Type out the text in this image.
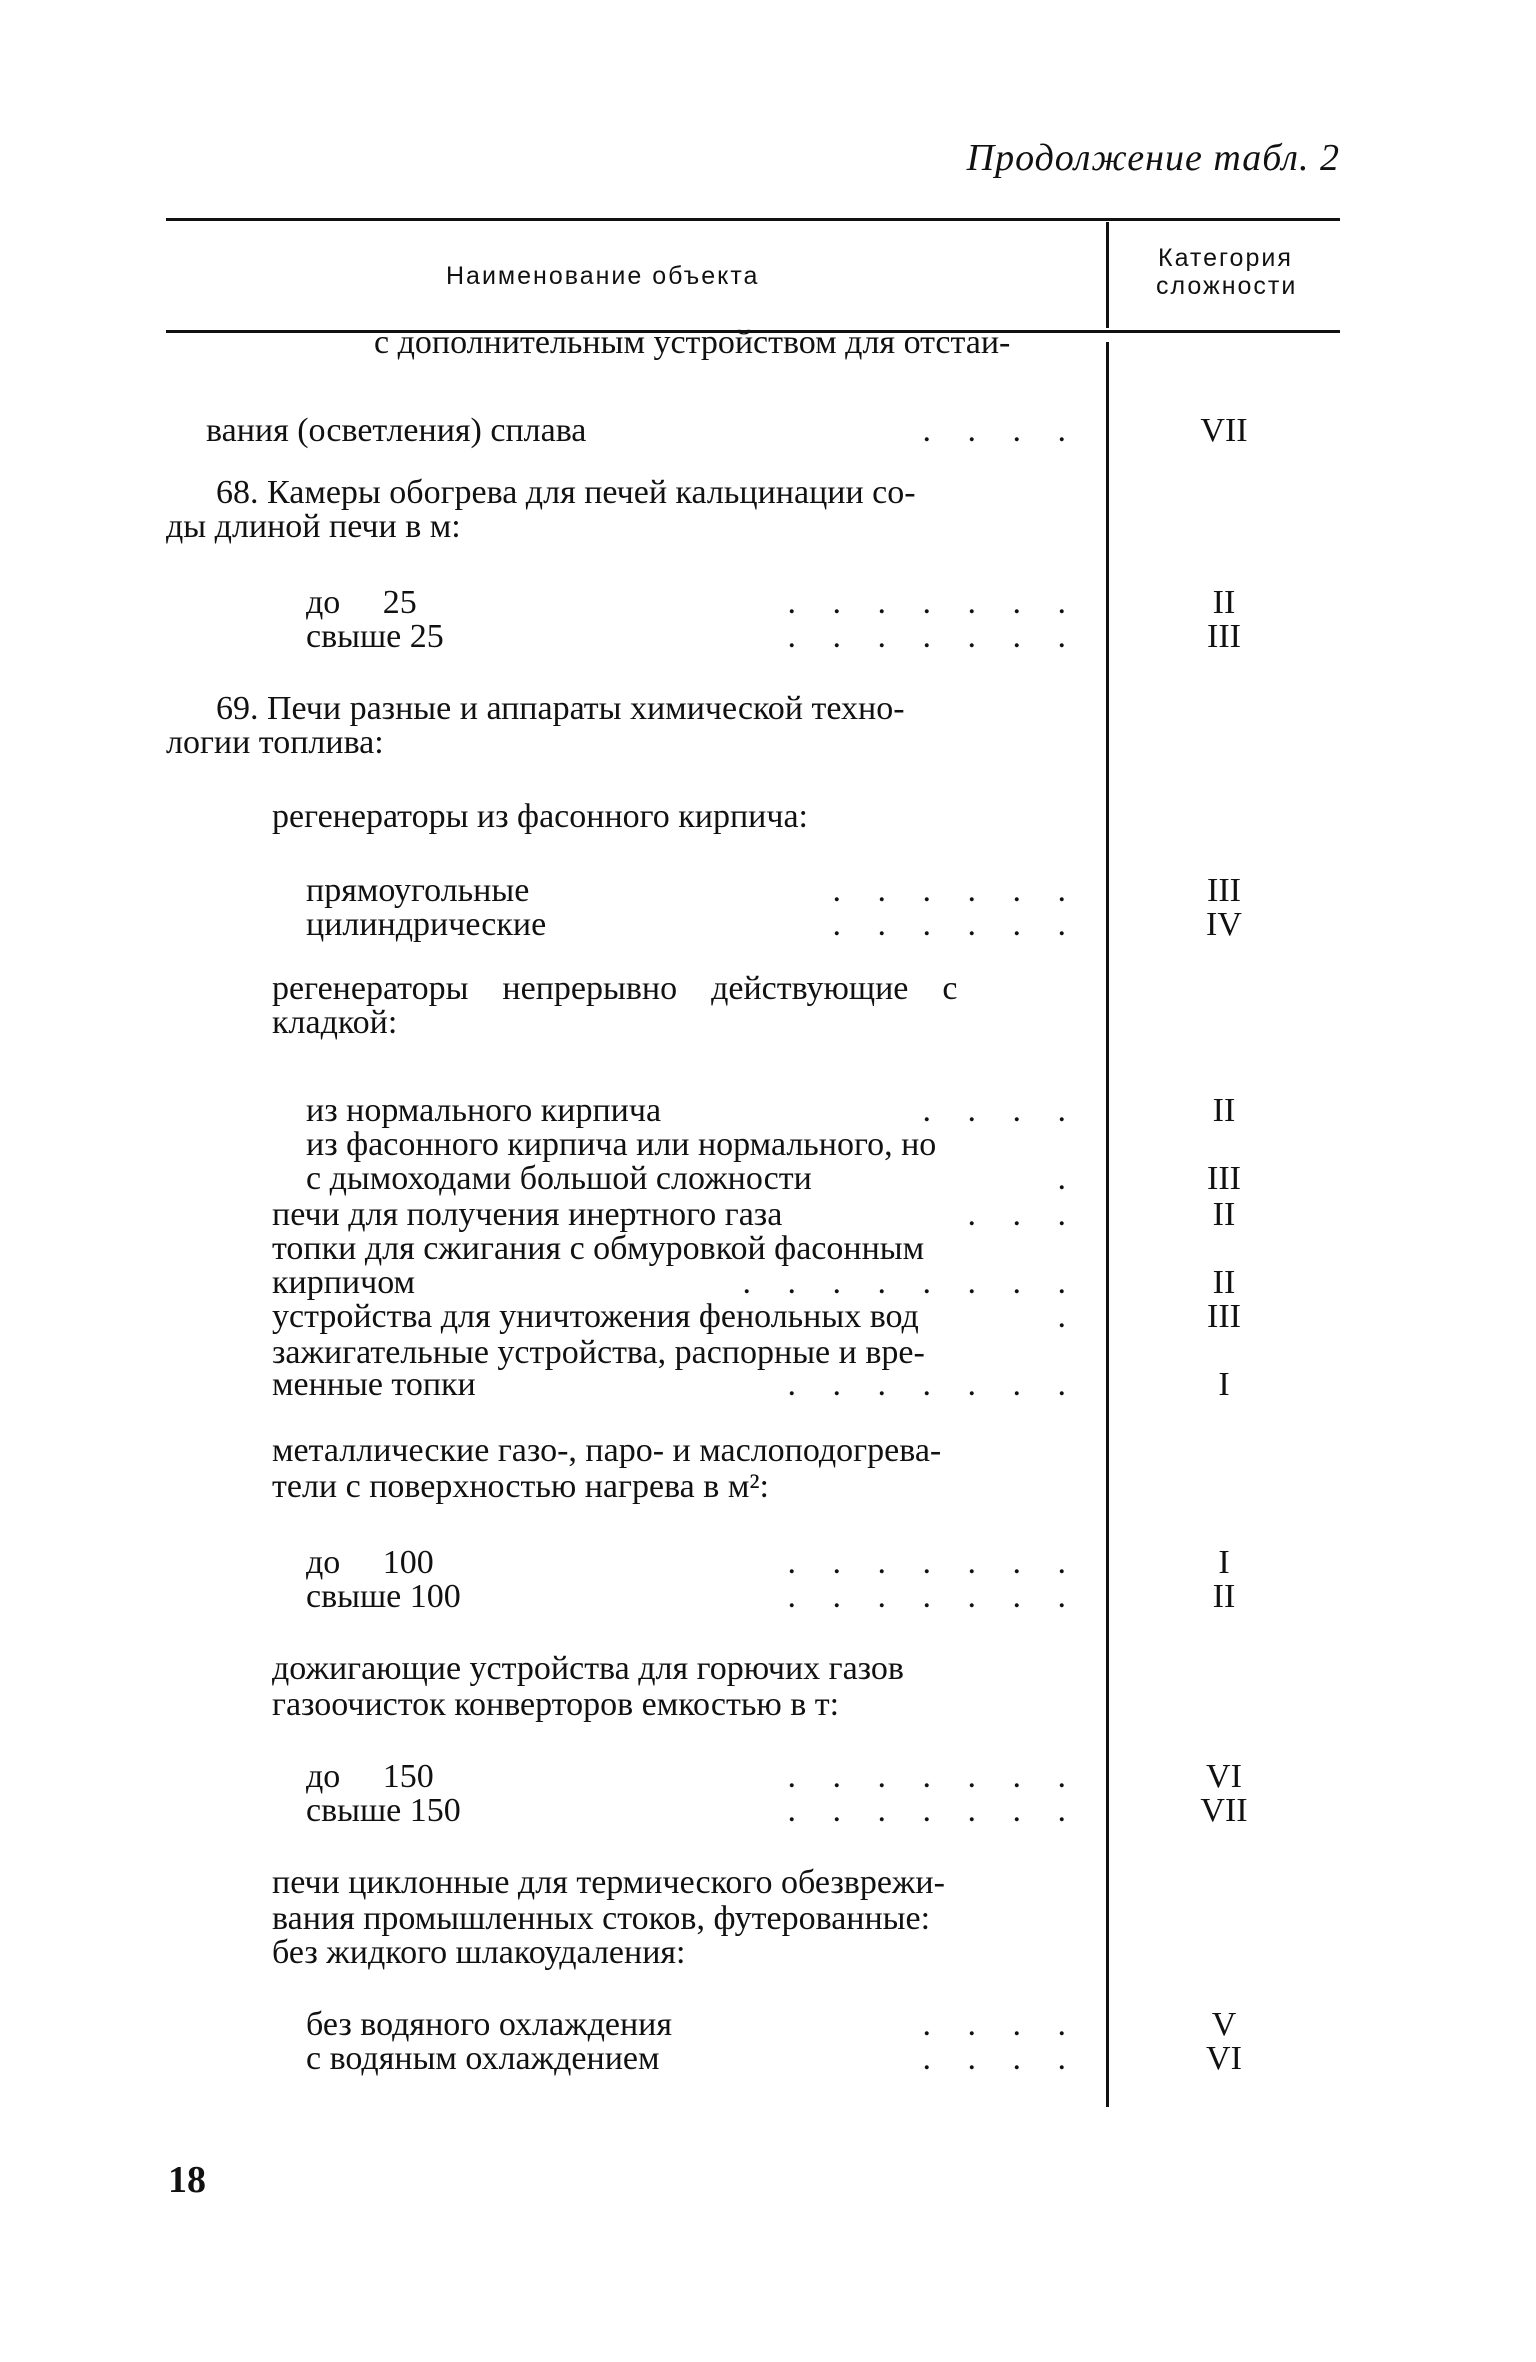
Продолжение табл. 2
Наименование объекта
Категория
сложности
с дополнительным устройством для отстаи-
вания (осветления) сплава	. . . .	VII
68. Камеры обогрева для печей кальцинации со-
ды длиной печи в м:
до     25	. . . . . . .	II
свыше 25	. . . . . . .	III
69. Печи разные и аппараты химической техно-
логии топлива:
регенераторы из фасонного кирпича:
прямоугольные	. . . . . .	III
цилиндрические	. . . . . .	IV
регенераторы    непрерывно    действующие    с
кладкой:
из нормального кирпича	. . . .	II
из фасонного кирпича или нормального, но
с дымоходами большой сложности	.	III
печи для получения инертного газа	. . .	II
топки для сжигания с обмуровкой фасонным
кирпичом	. . . . . . . .	II
устройства для уничтожения фенольных вод	.	III
зажигательные устройства, распорные и вре-
менные топки	. . . . . . .	I
металлические газо-, паро- и маслоподогрева-
тели с поверхностью нагрева в м²:
до     100	. . . . . . .	I
свыше 100	. . . . . . .	II
дожигающие устройства для горючих газов
газоочисток конверторов емкостью в т:
до     150	. . . . . . .	VI
свыше 150	. . . . . . .	VII
печи циклонные для термического обезврежи-
вания промышленных стоков, футерованные:
без жидкого шлакоудаления:
без водяного охлаждения	. . . .	V
с водяным охлаждением	. . . .	VI
18
